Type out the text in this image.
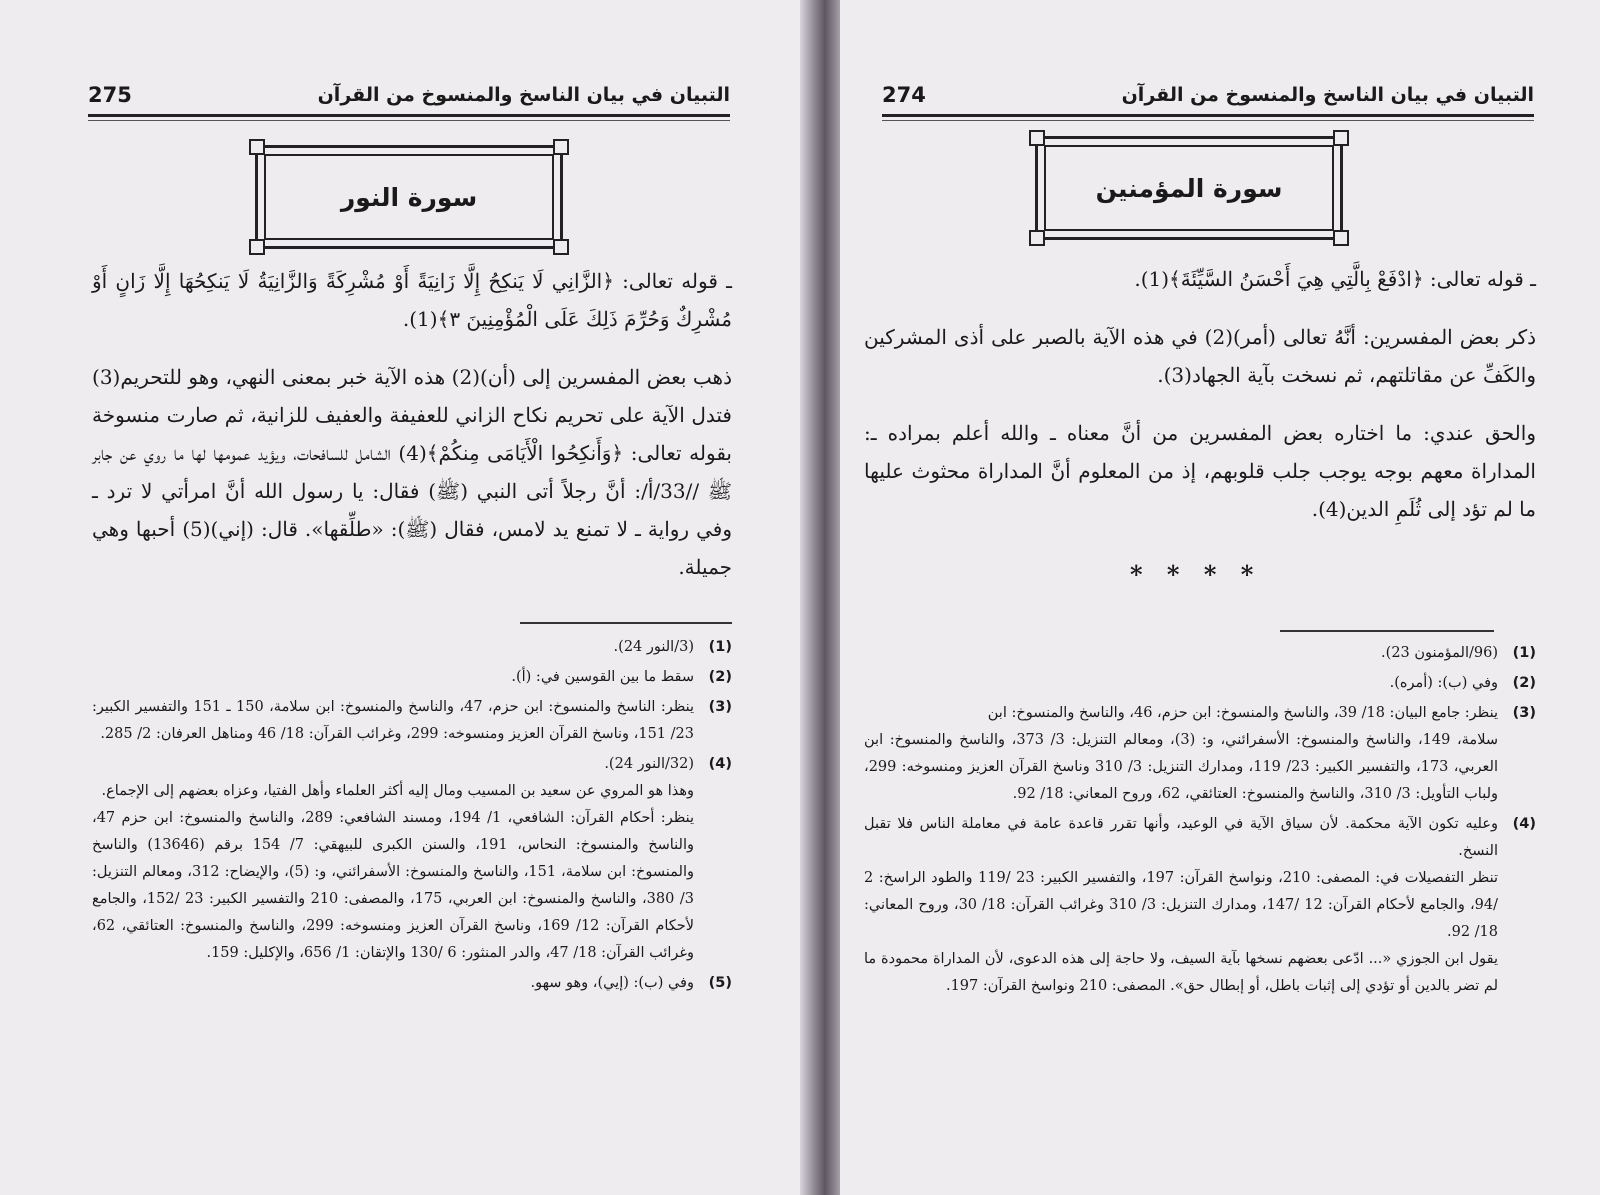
التبيان في بيان الناسخ والمنسوخ من القرآن
275
سورة النور

ـ قوله تعالى: ﴿الزَّانِي لَا يَنكِحُ إِلَّا زَانِيَةً أَوْ مُشْرِكَةً وَالزَّانِيَةُ لَا يَنكِحُهَا إِلَّا زَانٍ أَوْ مُشْرِكٌ وَحُرِّمَ ذَلِكَ عَلَى الْمُؤْمِنِينَ ٣﴾(1).

ذهب بعض المفسرين إلى (أن)(2) هذه الآية خبر بمعنى النهي، وهو للتحريم(3) فتدل الآية على تحريم نكاح الزاني للعفيفة والعفيف للزانية، ثم صارت منسوخة بقوله تعالى: ﴿وَأَنكِحُوا الْأَيَامَى مِنكُمْ﴾(4) الشامل للسافحات، ويؤيد عمومها لها ما روي عن جابر ﷺ //33/أ/: أنَّ رجلاً أتى النبي (ﷺ) فقال: يا رسول الله أنَّ امرأتي لا ترد ـ وفي رواية ـ لا تمنع يد لامس، فقال (ﷺ): «طلِّقها». قال: (إني)(5) أحبها وهي جميلة.

(1)
(3/النور 24).
(2)
سقط ما بين القوسين في: (أ).
(3)
ينظر: الناسخ والمنسوخ: ابن حزم، 47، والناسخ والمنسوخ: ابن سلامة، 150 ـ 151 والتفسير الكبير: 23/ 151، وناسخ القرآن العزيز ومنسوخه: 299، وغرائب القرآن: 18/ 46 ومناهل العرفان: 2/ 285.
(4)
(32/النور 24).
وهذا هو المروي عن سعيد بن المسيب ومال إليه أكثر العلماء وأهل الفتيا، وعزاه بعضهم إلى الإجماع.
ينظر: أحكام القرآن: الشافعي، 1/ 194، ومسند الشافعي: 289، والناسخ والمنسوخ: ابن حزم 47، والناسخ والمنسوخ: النحاس، 191، والسنن الكبرى للبيهقي: 7/ 154 برقم (13646) والناسخ والمنسوخ: ابن سلامة، 151، والناسخ والمنسوخ: الأسفرائني، و: (5)، والإيضاح: 312، ومعالم التنزيل: 3/ 380، والناسخ والمنسوخ: ابن العربي، 175، والمصفى: 210 والتفسير الكبير: 23 /152، والجامع لأحكام القرآن: 12/ 169، وناسخ القرآن العزيز ومنسوخه: 299، والناسخ والمنسوخ: العتائقي، 62، وغرائب القرآن: 18/ 47، والدر المنثور: 6 /130 والإتقان: 1/ 656، والإكليل: 159.
(5)
وفي (ب): (إيي)، وهو سهو.
التبيان في بيان الناسخ والمنسوخ من القرآن
274
سورة المؤمنين

ـ قوله تعالى: ﴿ادْفَعْ بِالَّتِي هِيَ أَحْسَنُ السَّيِّئَةَ﴾(1).

ذكر بعض المفسرين: أنَّهُ تعالى (أمر)(2) في هذه الآية بالصبر على أذى المشركين والكَفِّ عن مقاتلتهم، ثم نسخت بآية الجهاد(3).

والحق عندي: ما اختاره بعض المفسرين من أنَّ معناه ـ والله أعلم بمراده ـ: المداراة معهم بوجه يوجب جلب قلوبهم، إذ من المعلوم أنَّ المداراة محثوث عليها ما لم تؤد إلى ثُلَمِ الدين(4).

* * * *
(1)
(96/المؤمنون 23).
(2)
وفي (ب): (أمره).
(3)
ينظر: جامع البيان: 18/ 39، والناسخ والمنسوخ: ابن حزم، 46، والناسخ والمنسوخ: ابن
سلامة، 149، والناسخ والمنسوخ: الأسفرائني، و: (3)، ومعالم التنزيل: 3/ 373، والناسخ والمنسوخ: ابن العربي، 173، والتفسير الكبير: 23/ 119، ومدارك التنزيل: 3/ 310 وناسخ القرآن العزيز ومنسوخه: 299، ولباب التأويل: 3/ 310، والناسخ والمنسوخ: العتائقي، 62، وروح المعاني: 18/ 92.
(4)
وعليه تكون الآية محكمة. لأن سياق الآية في الوعيد، وأنها تقرر قاعدة عامة في معاملة الناس فلا تقبل النسخ.
تنظر التفصيلات في: المصفى: 210، ونواسخ القرآن: 197، والتفسير الكبير: 23 /119 والطود الراسخ: 2 /94، والجامع لأحكام القرآن: 12 /147، ومدارك التنزيل: 3/ 310 وغرائب القرآن: 18/ 30، وروح المعاني: 18/ 92.
يقول ابن الجوزي «... ادّعى بعضهم نسخها بآية السيف، ولا حاجة إلى هذه الدعوى، لأن المداراة محمودة ما لم تضر بالدين أو تؤدي إلى إثبات باطل، أو إبطال حق». المصفى: 210 ونواسخ القرآن: 197.
